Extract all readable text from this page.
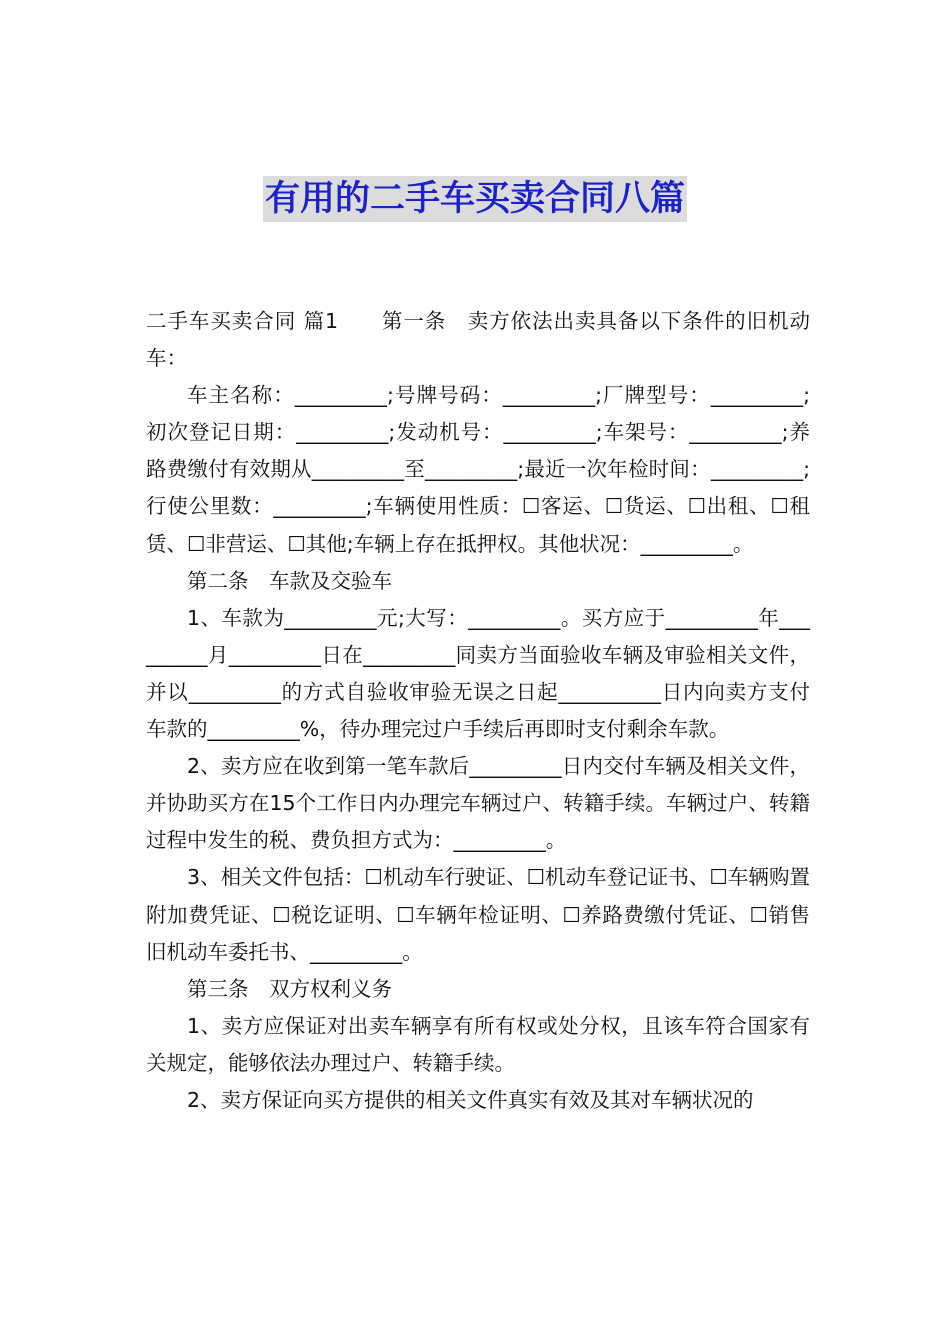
有用的二手车买卖合同八篇

二手车买卖合同 篇1　　第一条　卖方依法出卖具备以下条件的旧机动车：

车主名称：_________;号牌号码：_________;厂牌型号：_________;初次登记日期：_________;发动机号：_________;车架号：_________;养路费缴付有效期从_________至_________;最近一次年检时间：_________;行使公里数：_________;车辆使用性质：☐客运、☐货运、☐出租、☐租赁、☐非营运、☐其他;车辆上存在抵押权。其他状况：_________。

第二条　车款及交验车

1、车款为_________元;大写：_________。买方应于_________年_________月_________日在_________同卖方当面验收车辆及审验相关文件，并以_________的方式自验收审验无误之日起__________日内向卖方支付车款的_________%，待办理完过户手续后再即时支付剩余车款。

2、卖方应在收到第一笔车款后_________日内交付车辆及相关文件，并协助买方在15个工作日内办理完车辆过户、转籍手续。车辆过户、转籍过程中发生的税、费负担方式为：_________。

3、相关文件包括：☐机动车行驶证、☐机动车登记证书、☐车辆购置附加费凭证、☐税讫证明、☐车辆年检证明、☐养路费缴付凭证、☐销售旧机动车委托书、_________。

第三条　双方权利义务

1、卖方应保证对出卖车辆享有所有权或处分权，且该车符合国家有关规定，能够依法办理过户、转籍手续。

2、卖方保证向买方提供的相关文件真实有效及其对车辆状况的
